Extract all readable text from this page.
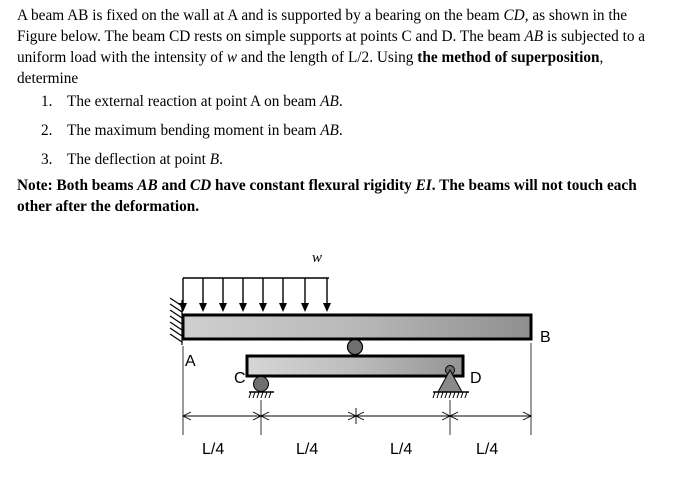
A beam AB is fixed on the wall at A and is supported by a bearing on the beam CD, as shown in the Figure below. The beam CD rests on simple supports at points C and D. The beam AB is subjected to a uniform load with the intensity of w and the length of L/2. Using the method of superposition, determine

1. The external reaction at point A on beam AB.
2. The maximum bending moment in beam AB.
3. The deflection at point B.

Note: Both beams AB and CD have constant flexural rigidity EI. The beams will not touch each other after the deformation.

w
B
A
C	D
L/4	L/4	L/4	L/4
